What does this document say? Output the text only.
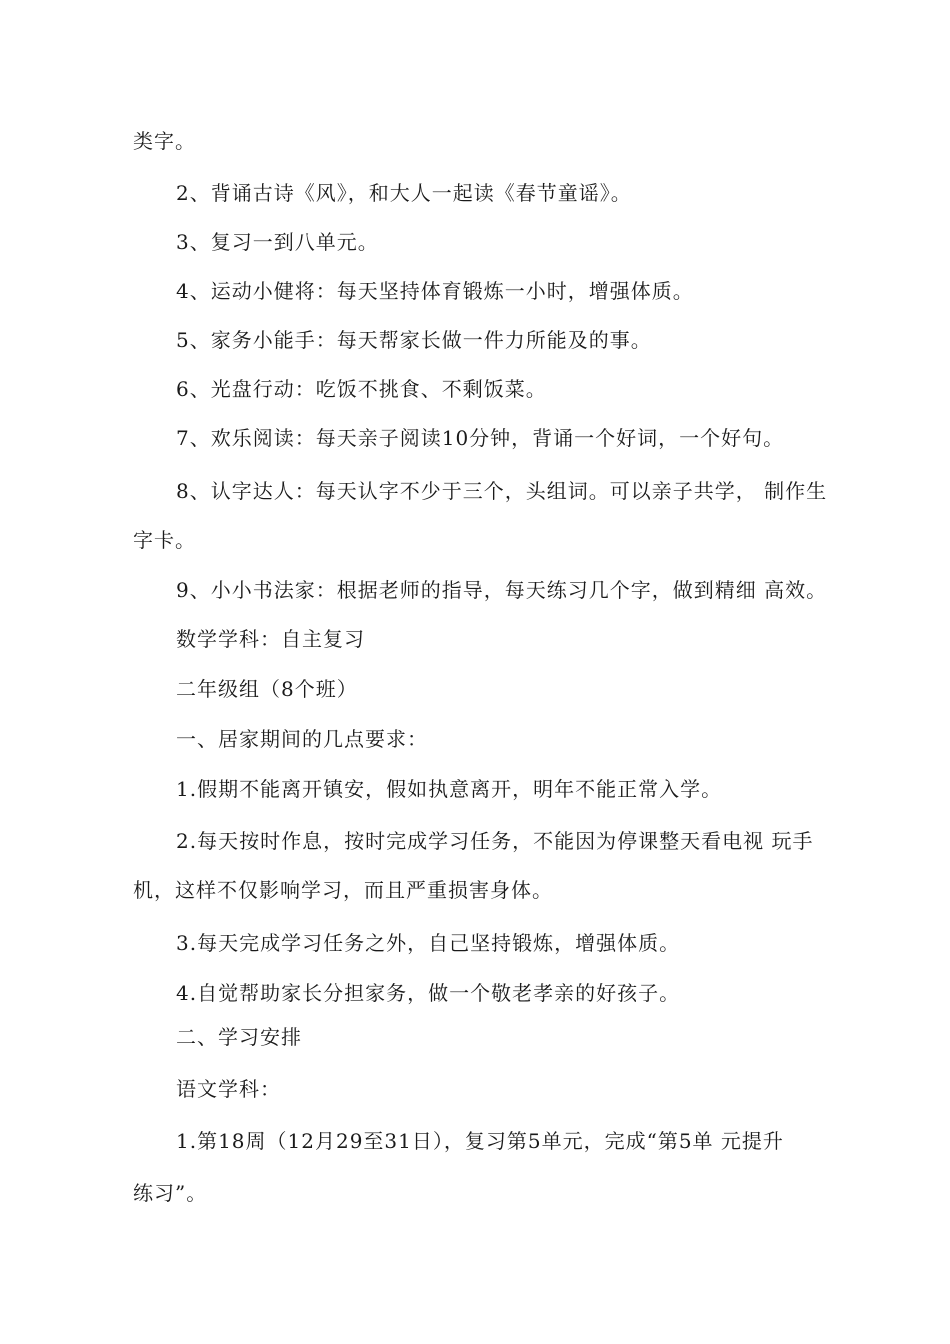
类字。
2、背诵古诗《风》，和大人一起读《春节童谣》。
3、复习一到八单元。
4、运动小健将：每天坚持体育锻炼一小时，增强体质。
5、家务小能手：每天帮家长做一件力所能及的事。
6、光盘行动：吃饭不挑食、不剩饭菜。
7、欢乐阅读：每天亲子阅读10分钟，背诵一个好词，一个好句。
8、认字达人：每天认字不少于三个，头组词。可以亲子共学， 制作生
字卡。
9、小小书法家：根据老师的指导，每天练习几个字，做到精细 高效。
数学学科：自主复习
二年级组（8个班）
一、居家期间的几点要求：
1.假期不能离开镇安，假如执意离开，明年不能正常入学。
2.每天按时作息，按时完成学习任务，不能因为停课整天看电视 玩手
机，这样不仅影响学习，而且严重损害身体。
3.每天完成学习任务之外，自己坚持锻炼，增强体质。
4.自觉帮助家长分担家务，做一个敬老孝亲的好孩子。
二、学习安排
语文学科：
1.第18周（12月29至31日），复习第5单元，完成“第5单 元提升
练习”。
